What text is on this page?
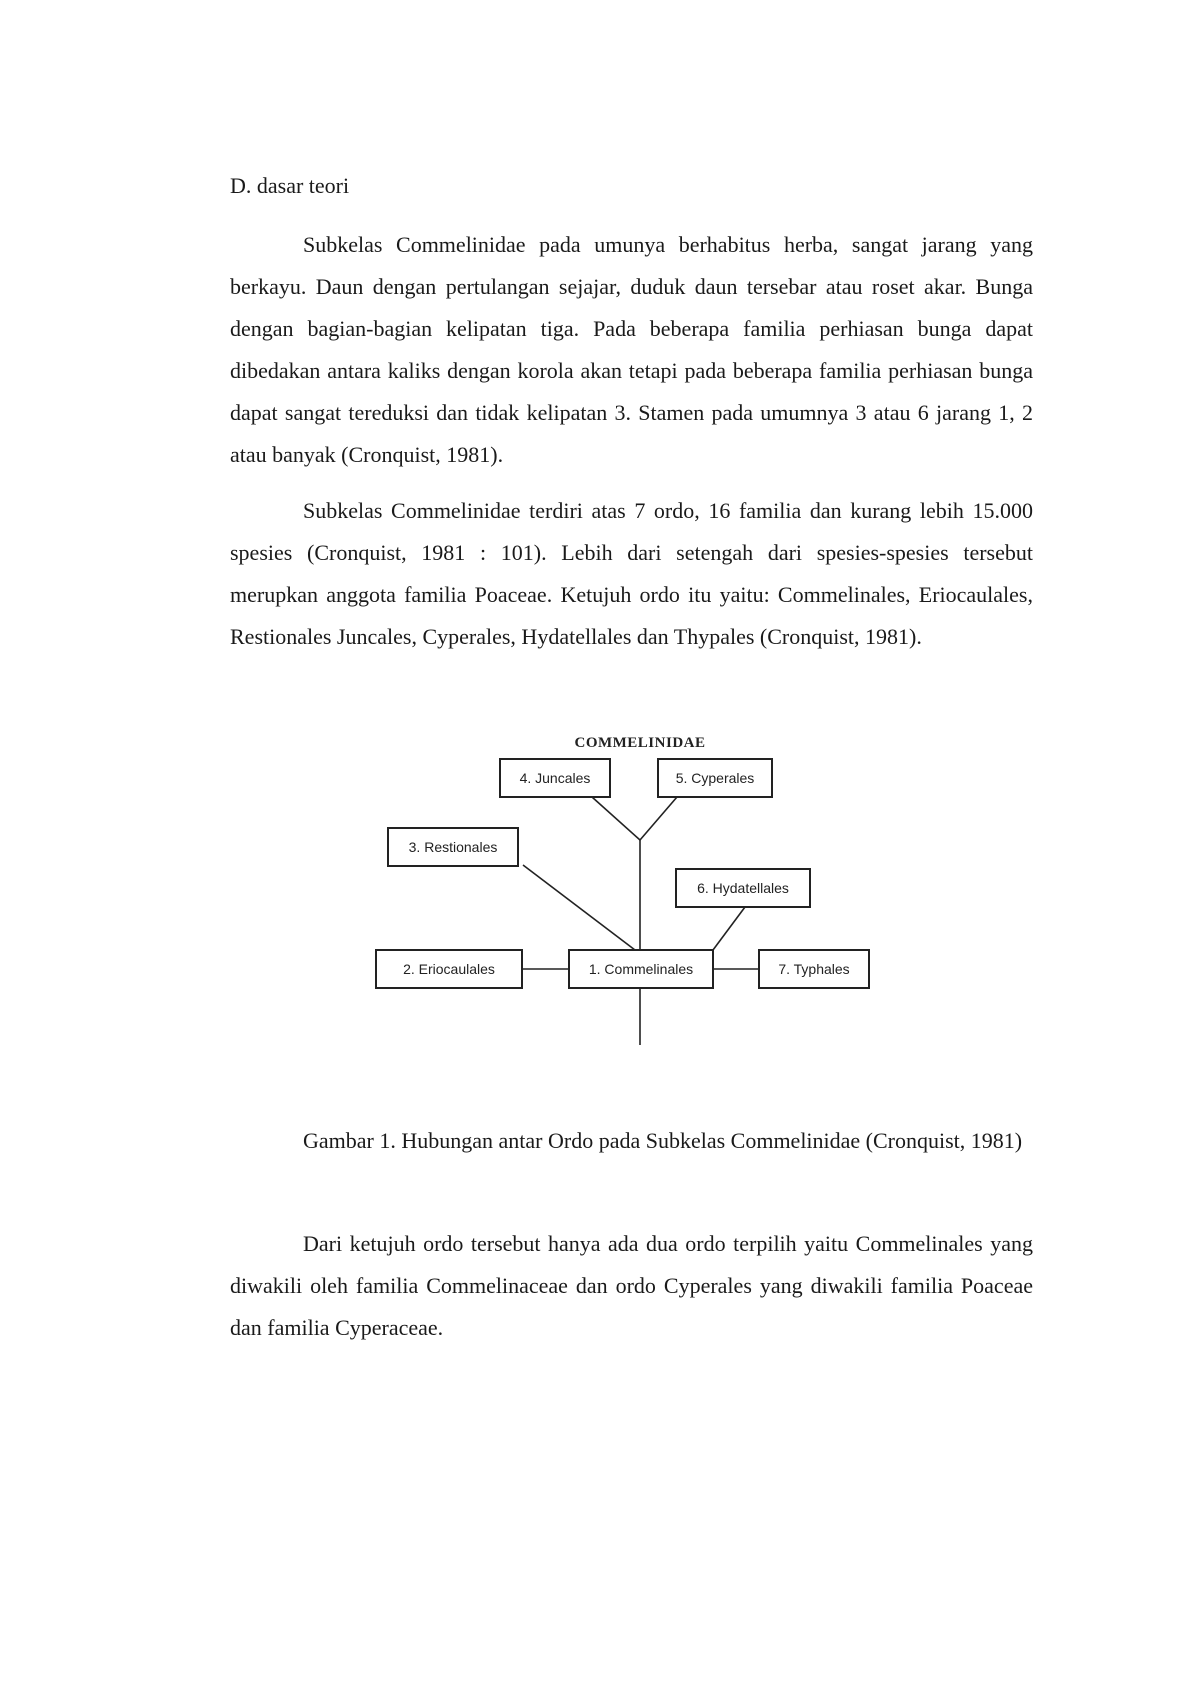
D. dasar teori

Subkelas Commelinidae pada umunya berhabitus herba, sangat jarang yang berkayu. Daun dengan pertulangan sejajar, duduk daun tersebar atau roset akar. Bunga dengan bagian-bagian kelipatan tiga. Pada beberapa familia perhiasan bunga dapat dibedakan antara kaliks dengan korola akan tetapi pada beberapa familia perhiasan bunga dapat sangat tereduksi dan tidak kelipatan 3. Stamen pada umumnya 3 atau 6 jarang 1, 2 atau banyak (Cronquist, 1981).

Subkelas Commelinidae terdiri atas 7 ordo, 16 familia dan kurang lebih 15.000 spesies (Cronquist, 1981 : 101). Lebih dari setengah dari spesies-spesies tersebut merupkan anggota familia Poaceae. Ketujuh ordo itu yaitu: Commelinales, Eriocaulales, Restionales Juncales, Cyperales, Hydatellales dan Thypales (Cronquist, 1981).

COMMELINIDAE
4. Juncales	5. Cyperales
3. Restionales
6. Hydatellales
2. Eriocaulales	1. Commelinales	7. Typhales

Gambar 1. Hubungan antar Ordo pada Subkelas Commelinidae (Cronquist, 1981)

Dari ketujuh ordo tersebut hanya ada dua ordo terpilih yaitu Commelinales yang diwakili oleh familia Commelinaceae dan ordo Cyperales yang diwakili familia Poaceae dan familia Cyperaceae.
